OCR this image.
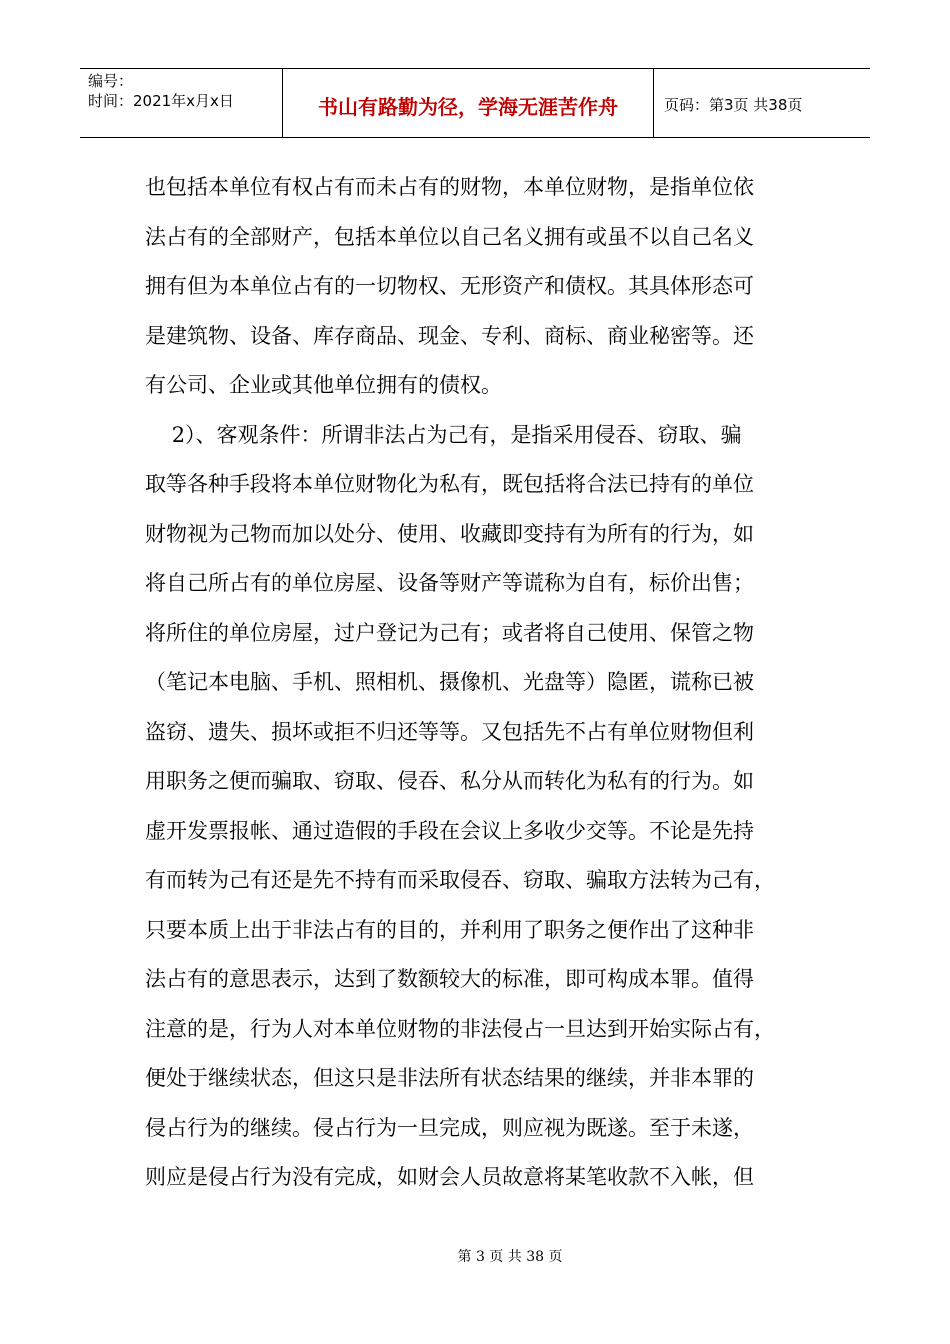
编号：
时间：2021年x月x日	书山有路勤为径，学海无涯苦作舟	页码：第3页 共38页
也包括本单位有权占有而未占有的财物，本单位财物，是指单位依
法占有的全部财产，包括本单位以自己名义拥有或虽不以自己名义
拥有但为本单位占有的一切物权、无形资产和债权。其具体形态可
是建筑物、设备、库存商品、现金、专利、商标、商业秘密等。还
有公司、企业或其他单位拥有的债权。
2）、客观条件：所谓非法占为己有，是指采用侵吞、窃取、骗
取等各种手段将本单位财物化为私有，既包括将合法已持有的单位
财物视为己物而加以处分、使用、收藏即变持有为所有的行为，如
将自己所占有的单位房屋、设备等财产等谎称为自有，标价出售；
将所住的单位房屋，过户登记为己有；或者将自己使用、保管之物
（笔记本电脑、手机、照相机、摄像机、光盘等）隐匿，谎称已被
盗窃、遗失、损坏或拒不归还等等。又包括先不占有单位财物但利
用职务之便而骗取、窃取、侵吞、私分从而转化为私有的行为。如
虚开发票报帐、通过造假的手段在会议上多收少交等。不论是先持
有而转为己有还是先不持有而采取侵吞、窃取、骗取方法转为己有，
只要本质上出于非法占有的目的，并利用了职务之便作出了这种非
法占有的意思表示，达到了数额较大的标准，即可构成本罪。值得
注意的是，行为人对本单位财物的非法侵占一旦达到开始实际占有，
便处于继续状态，但这只是非法所有状态结果的继续，并非本罪的
侵占行为的继续。侵占行为一旦完成，则应视为既遂。至于未遂，
则应是侵占行为没有完成，如财会人员故意将某笔收款不入帐，但
第 3 页 共 38 页
